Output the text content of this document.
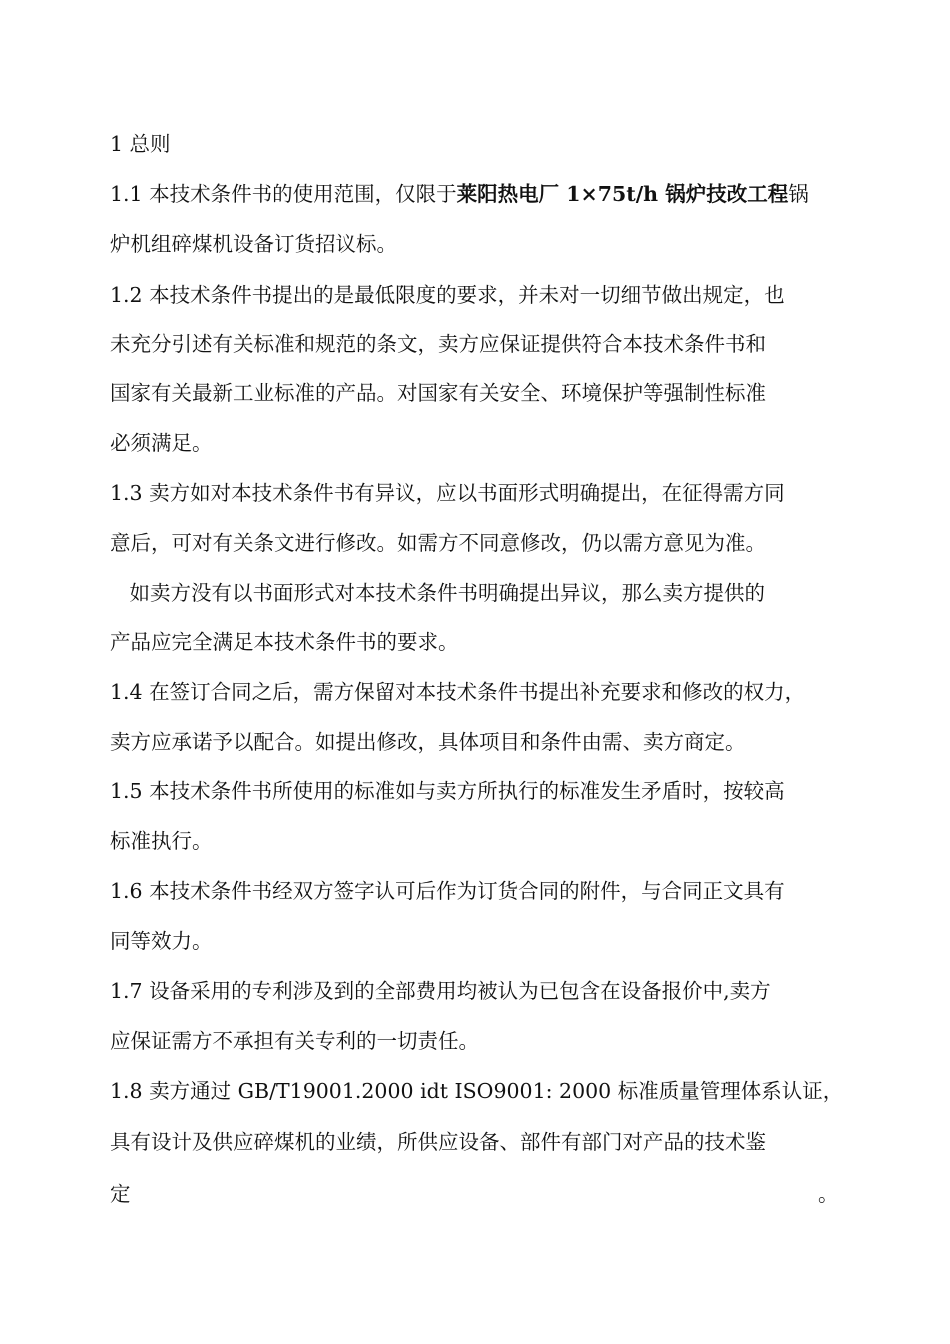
1 总则
1.1 本技术条件书的使用范围，仅限于莱阳热电厂 1×75t/h 锅炉技改工程锅
炉机组碎煤机设备订货招议标。
1.2 本技术条件书提出的是最低限度的要求，并未对一切细节做出规定，也
未充分引述有关标准和规范的条文，卖方应保证提供符合本技术条件书和
国家有关最新工业标准的产品。对国家有关安全、环境保护等强制性标准
必须满足。
1.3 卖方如对本技术条件书有异议，应以书面形式明确提出，在征得需方同
意后，可对有关条文进行修改。如需方不同意修改，仍以需方意见为准。
如卖方没有以书面形式对本技术条件书明确提出异议，那么卖方提供的
产品应完全满足本技术条件书的要求。
1.4 在签订合同之后，需方保留对本技术条件书提出补充要求和修改的权力，
卖方应承诺予以配合。如提出修改，具体项目和条件由需、卖方商定。
1.5 本技术条件书所使用的标准如与卖方所执行的标准发生矛盾时，按较高
标准执行。
1.6 本技术条件书经双方签字认可后作为订货合同的附件，与合同正文具有
同等效力。
1.7 设备采用的专利涉及到的全部费用均被认为已包含在设备报价中,卖方
应保证需方不承担有关专利的一切责任。
1.8 卖方通过 GB/T19001.2000 idt ISO9001: 2000 标准质量管理体系认证，
具有设计及供应碎煤机的业绩，所供应设备、部件有部门对产品的技术鉴
定	。
